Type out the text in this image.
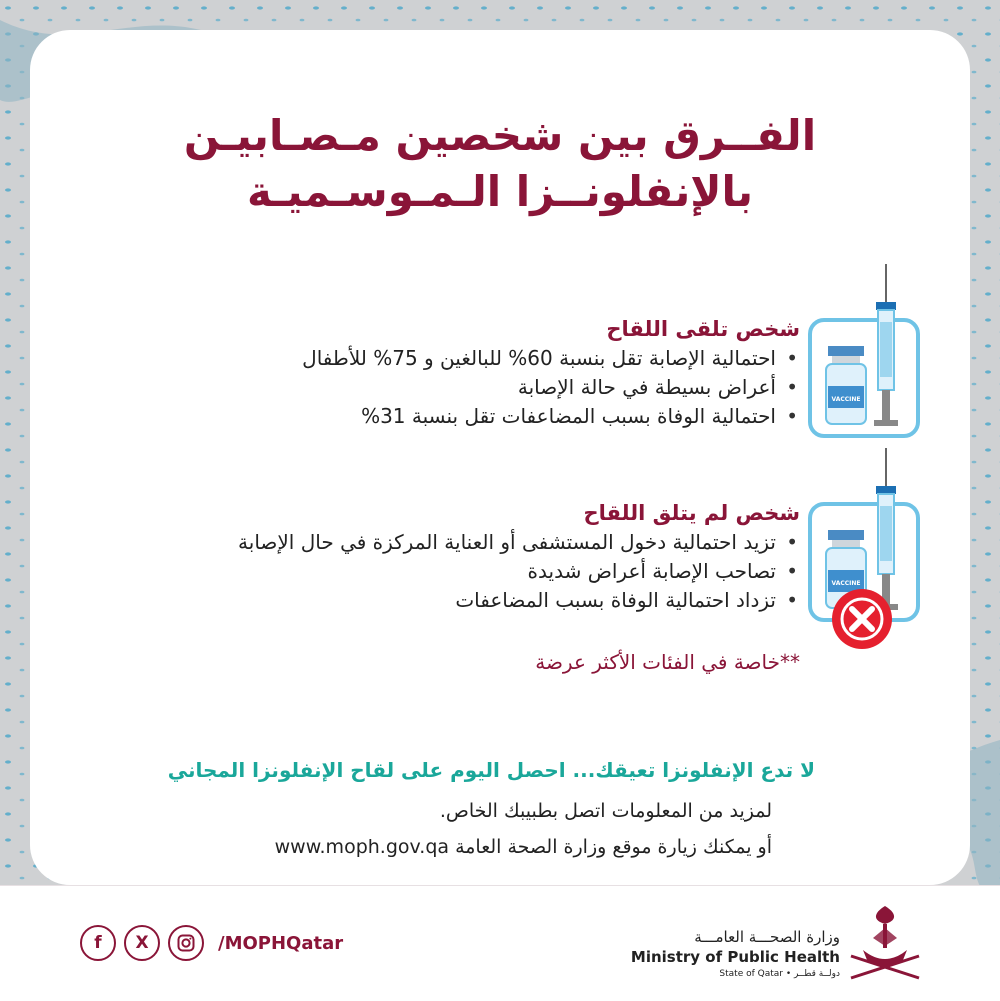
الفــرق بين شخصين مـصـابيـن
بالإنفلونــزا الـمـوسـميـة
شخص تلقى اللقاح
• احتمالية الإصابة تقل بنسبة 60% للبالغين و 75% للأطفال
• أعراض بسيطة في حالة الإصابة
• احتمالية الوفاة بسبب المضاعفات تقل بنسبة 31%
VACCINE
شخص لم يتلق اللقاح
• تزيد احتمالية دخول المستشفى أو العناية المركزة في حال الإصابة
• تصاحب الإصابة أعراض شديدة
• تزداد احتمالية الوفاة بسبب المضاعفات
VACCINE
**خاصة في الفئات الأكثر عرضة
لا تدع الإنفلونزا تعيقك... احصل اليوم على لقاح الإنفلونزا المجاني
لمزيد من المعلومات اتصل بطبيبك الخاص.
أو يمكنك زيارة موقع وزارة الصحة العامة www.moph.gov.qa
f	X	/MOPHQatar	وزارة الصحـــة العامـــة
Ministry of Public Health
State of Qatar • دولــة قطــر
